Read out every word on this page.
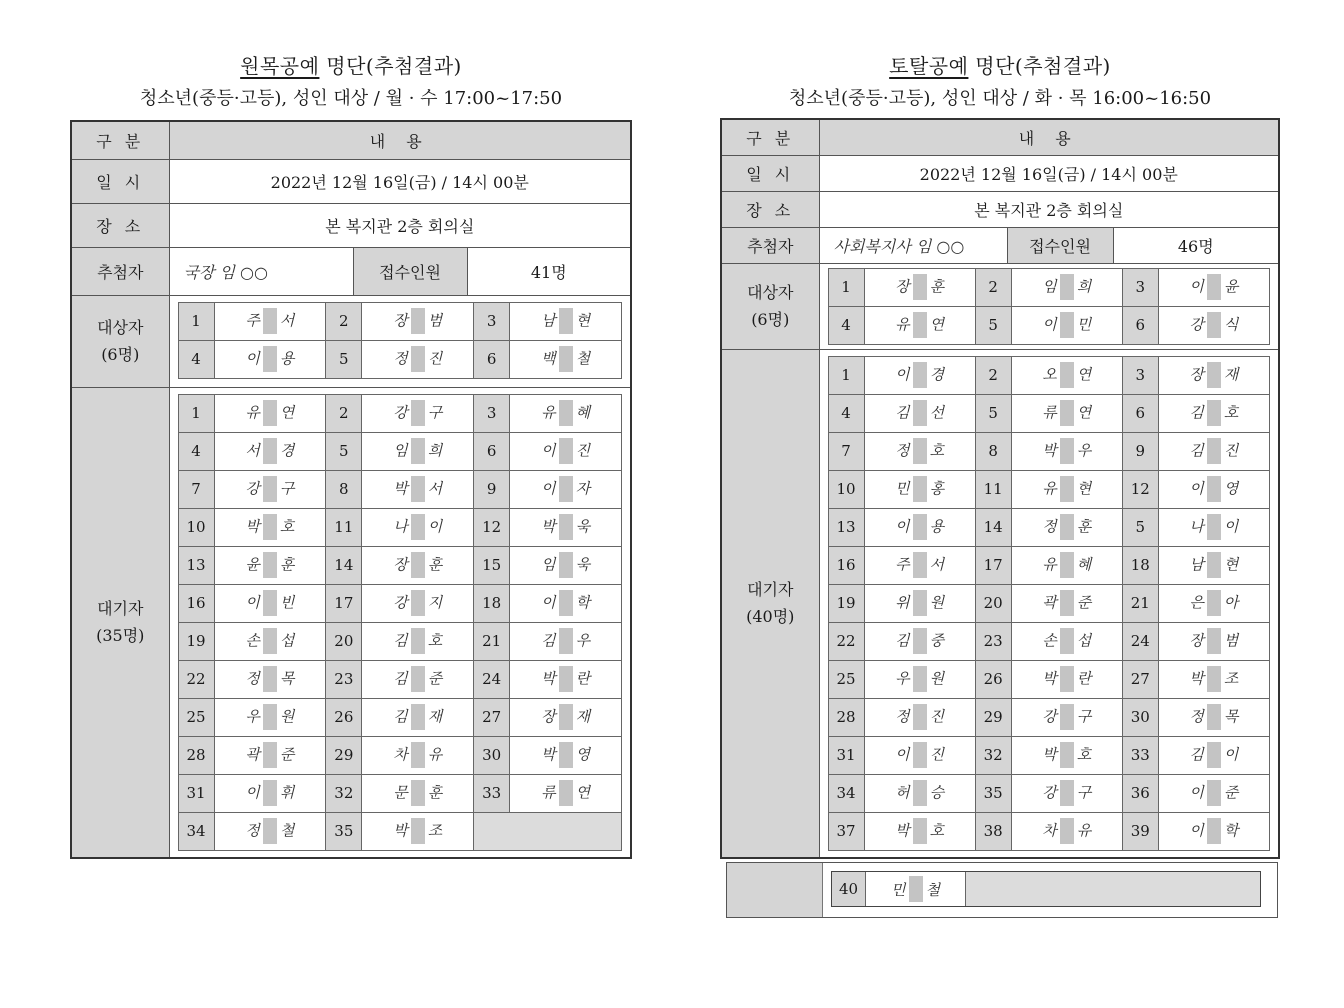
원목공예 명단(추첨결과)
청소년(중등·고등), 성인 대상 / 월 · 수 17:00~17:50
구 분	내 용
일 시	2022년 12월 16일(금) / 14시 00분
장 소	본 복지관 2층 회의실
추첨자	국장 임 ○○	접수인원	41명
대상자
(6명)	
1	주 서	2	장 범	3	남 현
4	이 용	5	정 진	6	백 철

대기자
(35명)	
1	유 연	2	강 구	3	유 혜
4	서 경	5	임 희	6	이 진
7	강 구	8	박 서	9	이 자
10	박 호	11	나 이	12	박 욱
13	윤 훈	14	장 훈	15	임 욱
16	이 빈	17	강 지	18	이 학
19	손 섭	20	김 호	21	김 우
22	정 목	23	김 준	24	박 란
25	우 원	26	김 재	27	장 재
28	곽 준	29	차 유	30	박 영
31	이 휘	32	문 훈	33	류 연
34	정 철	35	박 조	
토탈공예 명단(추첨결과)
청소년(중등·고등), 성인 대상 / 화 · 목 16:00~16:50
구 분	내 용
일 시	2022년 12월 16일(금) / 14시 00분
장 소	본 복지관 2층 회의실
추첨자	사회복지사 임 ○○	접수인원	46명
대상자
(6명)	
1	장 훈	2	임 희	3	이 윤
4	유 연	5	이 민	6	강 식

대기자
(40명)	
1	이 경	2	오 연	3	장 재
4	김 선	5	류 연	6	김 호
7	정 호	8	박 우	9	김 진
10	민 홍	11	유 현	12	이 영
13	이 용	14	정 훈	5	나 이
16	주 서	17	유 혜	18	남 현
19	위 원	20	곽 준	21	은 아
22	김 중	23	손 섭	24	장 범
25	우 원	26	박 란	27	박 조
28	정 진	29	강 구	30	정 목
31	이 진	32	박 호	33	김 이
34	허 승	35	강 구	36	이 준
37	박 호	38	차 유	39	이 학
40	민 철
